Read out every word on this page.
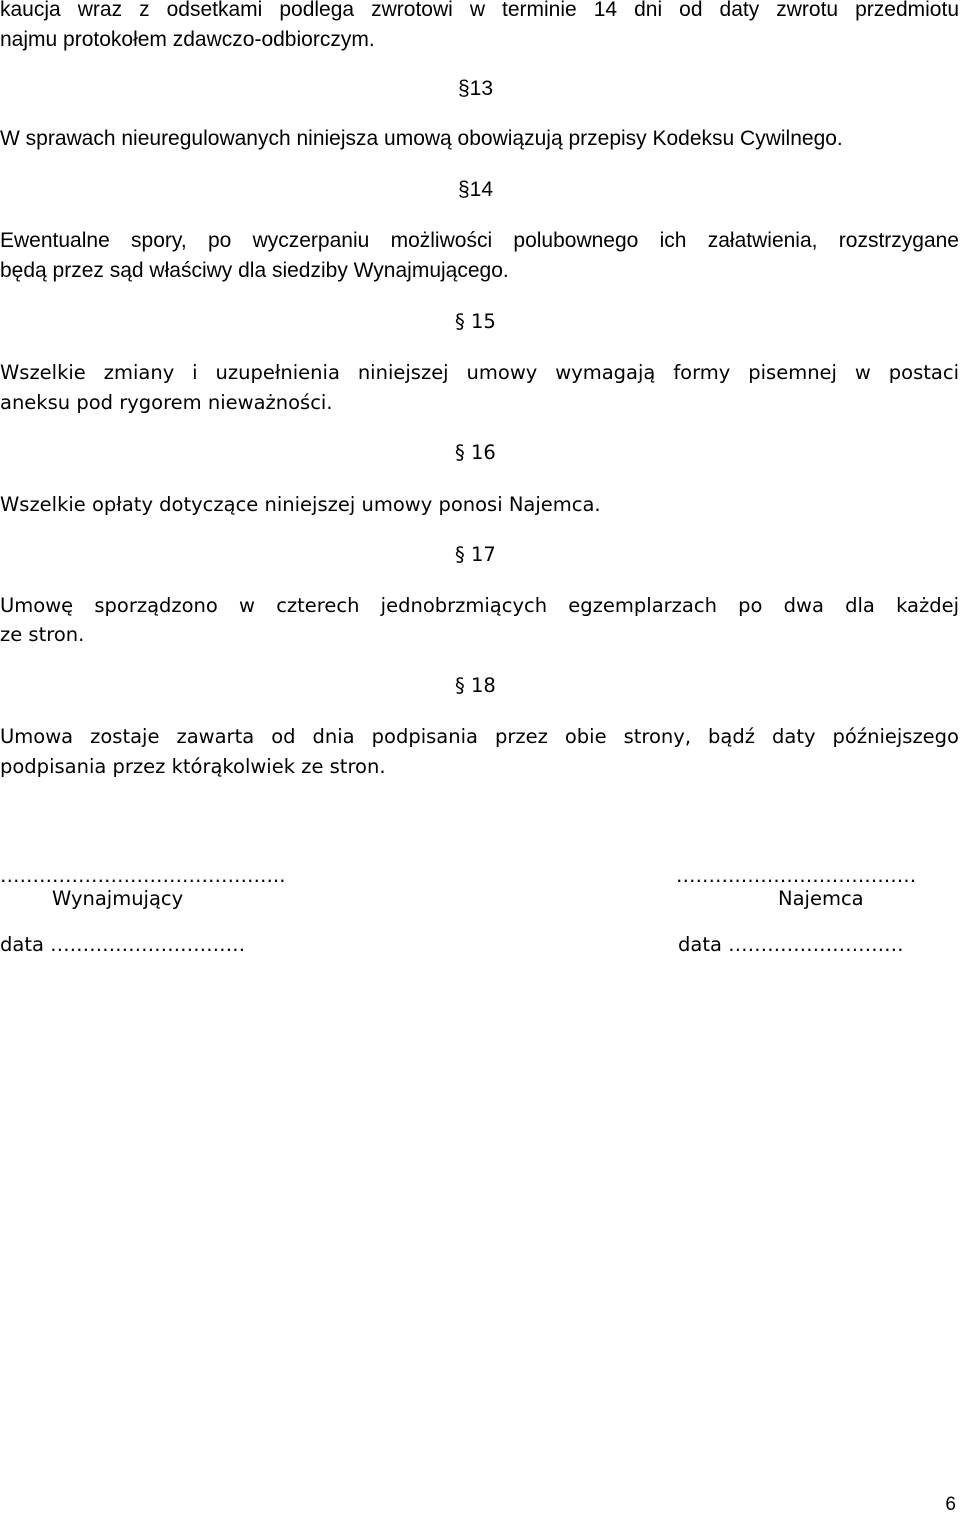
kaucja wraz z odsetkami podlega zwrotowi w terminie 14 dni od daty zwrotu przedmiotu
najmu protokołem zdawczo-odbiorczym.
§13
W sprawach nieuregulowanych niniejsza umową obowiązują przepisy Kodeksu Cywilnego.
§14
Ewentualne spory, po wyczerpaniu możliwości polubownego ich załatwienia, rozstrzygane
będą przez sąd właściwy dla siedziby Wynajmującego.
§ 15
Wszelkie zmiany i uzupełnienia niniejszej umowy wymagają formy pisemnej w postaci
aneksu pod rygorem nieważności.
§ 16
Wszelkie opłaty dotyczące niniejszej umowy ponosi Najemca.
§ 17
Umowę sporządzono w czterech jednobrzmiących egzemplarzach po dwa dla każdej
ze stron.
§ 18
Umowa zostaje zawarta od dnia podpisania przez obie strony, bądź daty późniejszego
podpisania przez którąkolwiek ze stron.
……………………………………..
Wynajmujący
data …………………………
……….………………………
Najemca
data ………………………
6
